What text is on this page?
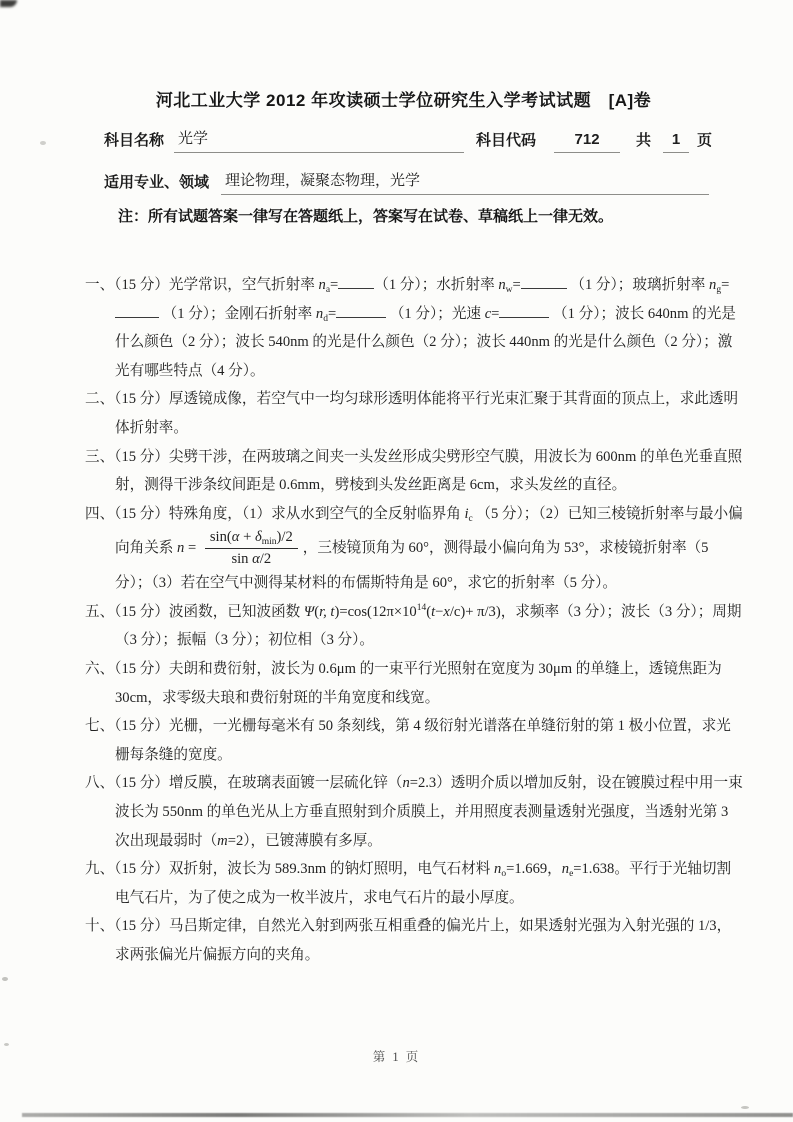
河北工业大学 2012 年攻读硕士学位研究生入学考试试题　[A]卷
科目名称 光学	科目代码	712	共	1	页
适用专业、领域 理论物理，凝聚态物理，光学
注：所有试题答案一律写在答题纸上，答案写在试卷、草稿纸上一律无效。
一、（15 分）光学常识，空气折射率 $n_a= (1$ 分）；水折射率 $n_w=$	（1 分）；玻璃折射率 $n_g= (1$ 分）；金刚石折射率 $n_d=$	（1 分）；光速 c=	（1 分）；波长 640nm 的光是什么颜色（2 分）；波长 540nm 的光是什么颜色（2 分）；波长 440nm 的光是什么颜色（2 分）；激光有哪些特点（4 分）。
二、（15 分）厚透镜成像，若空气中一均匀球形透明体能将平行光束汇聚于其背面的顶点上，求此透明体折射率。
三、（15 分）尖劈干涉，在两玻璃之间夹一头发丝形成尖劈形空气膜，用波长为 600nm 的单色光垂直照射，测得干涉条纹间距是 0.6mm，劈棱到头发丝距离是 6cm，求头发丝的直径。
四、（15 分）特殊角度，（1）求从水到空气的全反射临界角 $i_c$ （5 分）；（2）已知三棱镜折射率与最小偏向角关系 $n = \frac{\sin(\alpha + \delta_{min})/2}{\text{sin α/2}}$ ，三棱镜顶角为 60°，测得最小偏向角为 53°，求棱镜折射率（5 分）；（3）若在空气中测得某材料的布儒斯特角是 60°，求它的折射率（5 分）。
五、（15 分）波函数，已知波函数 Ψ(r, $t)=\cos(12\pi\times 10^{14}(t-x/c)+ \pi/3)$，求频率（3 分）；波长（3 分）；周期（3 分）；振幅（3 分）；初位相（3 分）。
六、（15 分）夫朗和费衍射，波长为 0.6μm 的一束平行光照射在宽度为 30μm 的单缝上，透镜焦距为 30cm，求零级夫琅和费衍射斑的半角宽度和线宽。
七、（15 分）光栅，一光栅每毫米有 50 条刻线，第 4 级衍射光谱落在单缝衍射的第 1 极小位置，求光栅每条缝的宽度。
八、（15 分）增反膜，在玻璃表面镀一层硫化锌（n=2.3）透明介质以增加反射，设在镀膜过程中用一束波长为 550nm 的单色光从上方垂直照射到介质膜上，并用照度表测量透射光强度，当透射光第 3 次出现最弱时（m=2），已镀薄膜有多厚。
九、（15 分）双折射，波长为 589.3nm 的钠灯照明，电气石材料 $n_o=1.669$，$n_e=1.638$。平行于光轴切割电气石片，为了使之成为一枚半波片，求电气石片的最小厚度。
十、（15 分）马吕斯定律，自然光入射到两张互相重叠的偏光片上，如果透射光强为入射光强的 1/3，求两张偏光片偏振方向的夹角。
第 1 页
